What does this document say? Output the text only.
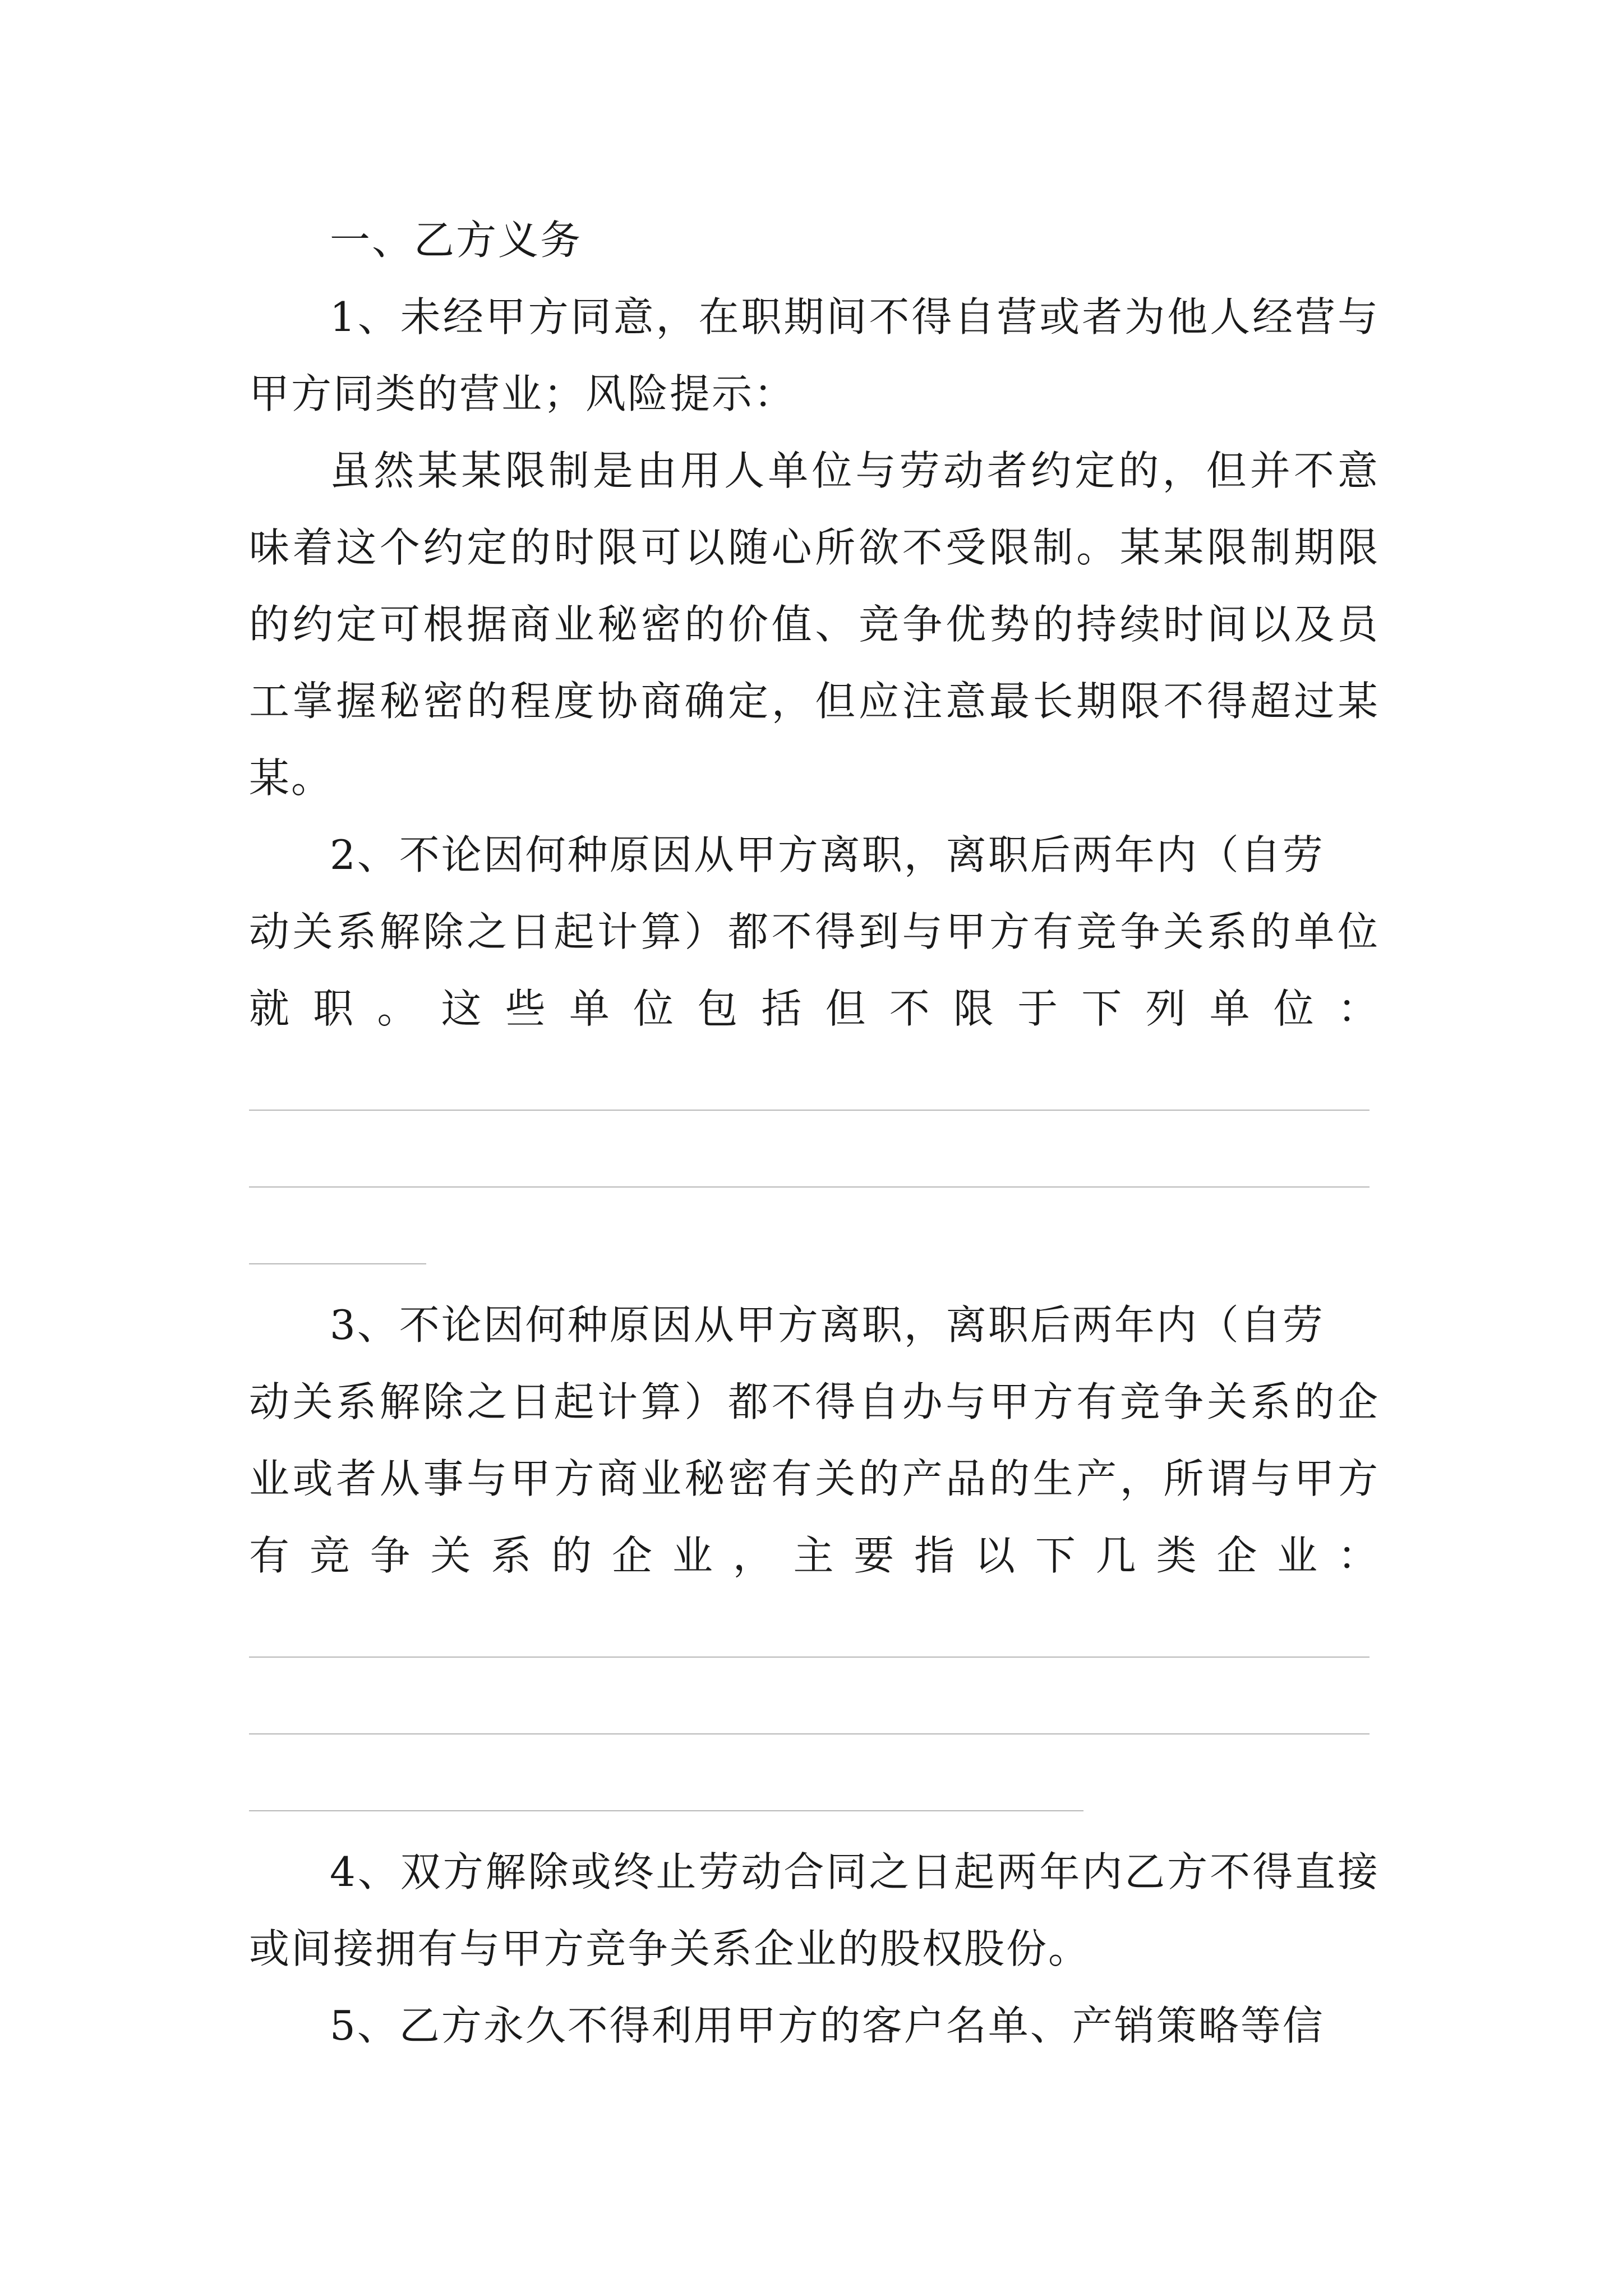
一、乙方义务

1、未经甲方同意，在职期间不得自营或者为他人经营与甲方同类的营业；风险提示：

虽然某某限制是由用人单位与劳动者约定的，但并不意味着这个约定的时限可以随心所欲不受限制。某某限制期限的约定可根据商业秘密的价值、竞争优势的持续时间以及员工掌握秘密的程度协商确定，但应注意最长期限不得超过某某。

2、不论因何种原因从甲方离职，离职后两年内（自劳

动关系解除之日起计算）都不得到与甲方有竞争关系的单位

就职。这些单位包括但不限于下列单位：

3、不论因何种原因从甲方离职，离职后两年内（自劳

动关系解除之日起计算）都不得自办与甲方有竞争关系的企

业或者从事与甲方商业秘密有关的产品的生产，所谓与甲方

有竞争关系的企业，主要指以下几类企业：

4、双方解除或终止劳动合同之日起两年内乙方不得直接或间接拥有与甲方竞争关系企业的股权股份。

5、乙方永久不得利用甲方的客户名单、产销策略等信
